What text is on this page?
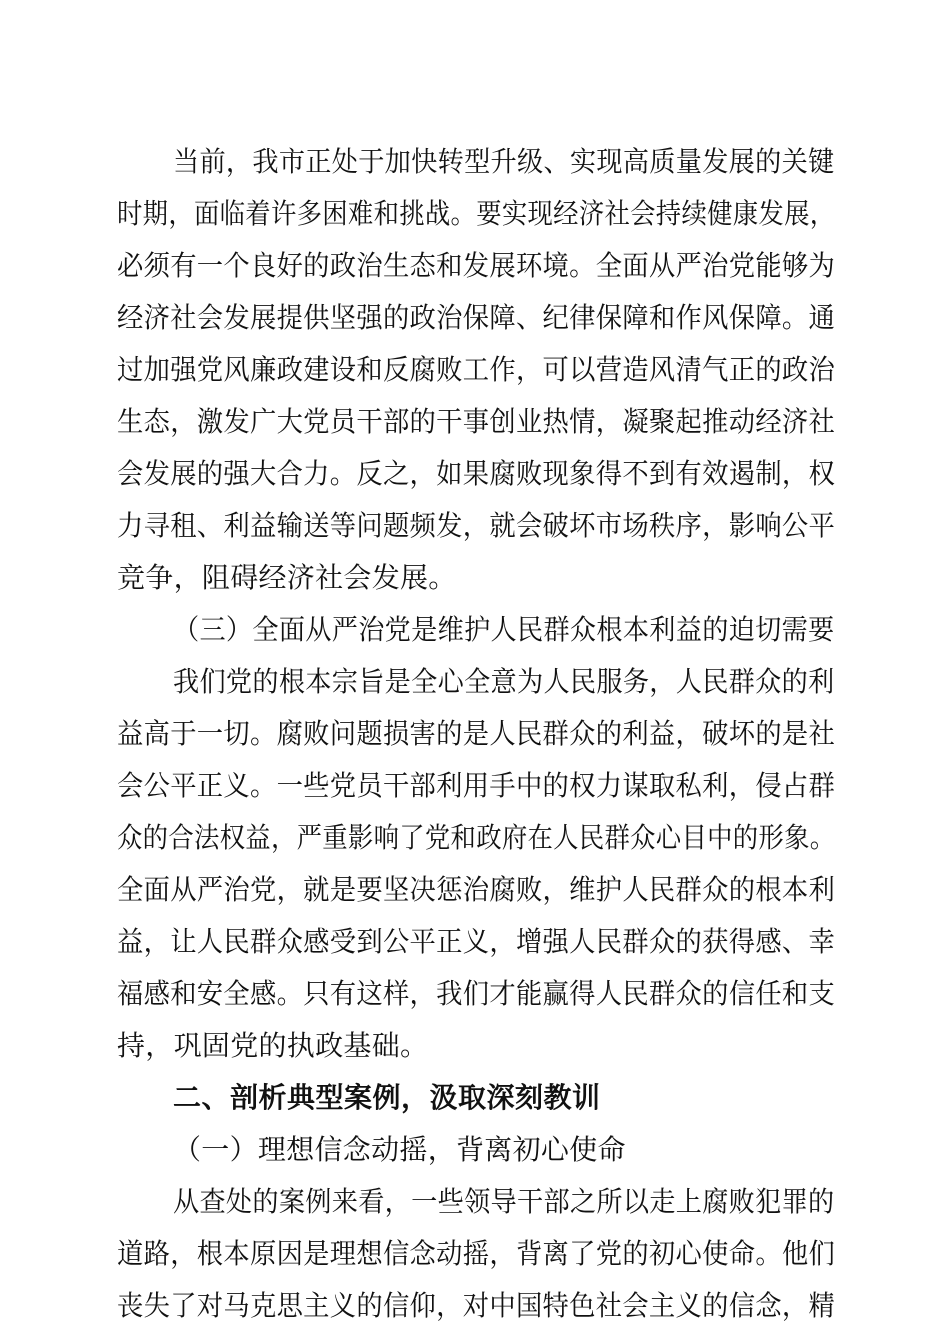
当前，我市正处于加快转型升级、实现高质量发展的关键
时期，面临着许多困难和挑战。要实现经济社会持续健康发展，
必须有一个良好的政治生态和发展环境。全面从严治党能够为
经济社会发展提供坚强的政治保障、纪律保障和作风保障。通
过加强党风廉政建设和反腐败工作，可以营造风清气正的政治
生态，激发广大党员干部的干事创业热情，凝聚起推动经济社
会发展的强大合力。反之，如果腐败现象得不到有效遏制，权
力寻租、利益输送等问题频发，就会破坏市场秩序，影响公平
竞争，阻碍经济社会发展。
（三）全面从严治党是维护人民群众根本利益的迫切需要
我们党的根本宗旨是全心全意为人民服务，人民群众的利
益高于一切。腐败问题损害的是人民群众的利益，破坏的是社
会公平正义。一些党员干部利用手中的权力谋取私利，侵占群
众的合法权益，严重影响了党和政府在人民群众心目中的形象。
全面从严治党，就是要坚决惩治腐败，维护人民群众的根本利
益，让人民群众感受到公平正义，增强人民群众的获得感、幸
福感和安全感。只有这样，我们才能赢得人民群众的信任和支
持，巩固党的执政基础。
二、剖析典型案例，汲取深刻教训
（一）理想信念动摇，背离初心使命
从查处的案例来看，一些领导干部之所以走上腐败犯罪的
道路，根本原因是理想信念动摇，背离了党的初心使命。他们
丧失了对马克思主义的信仰，对中国特色社会主义的信念，精
